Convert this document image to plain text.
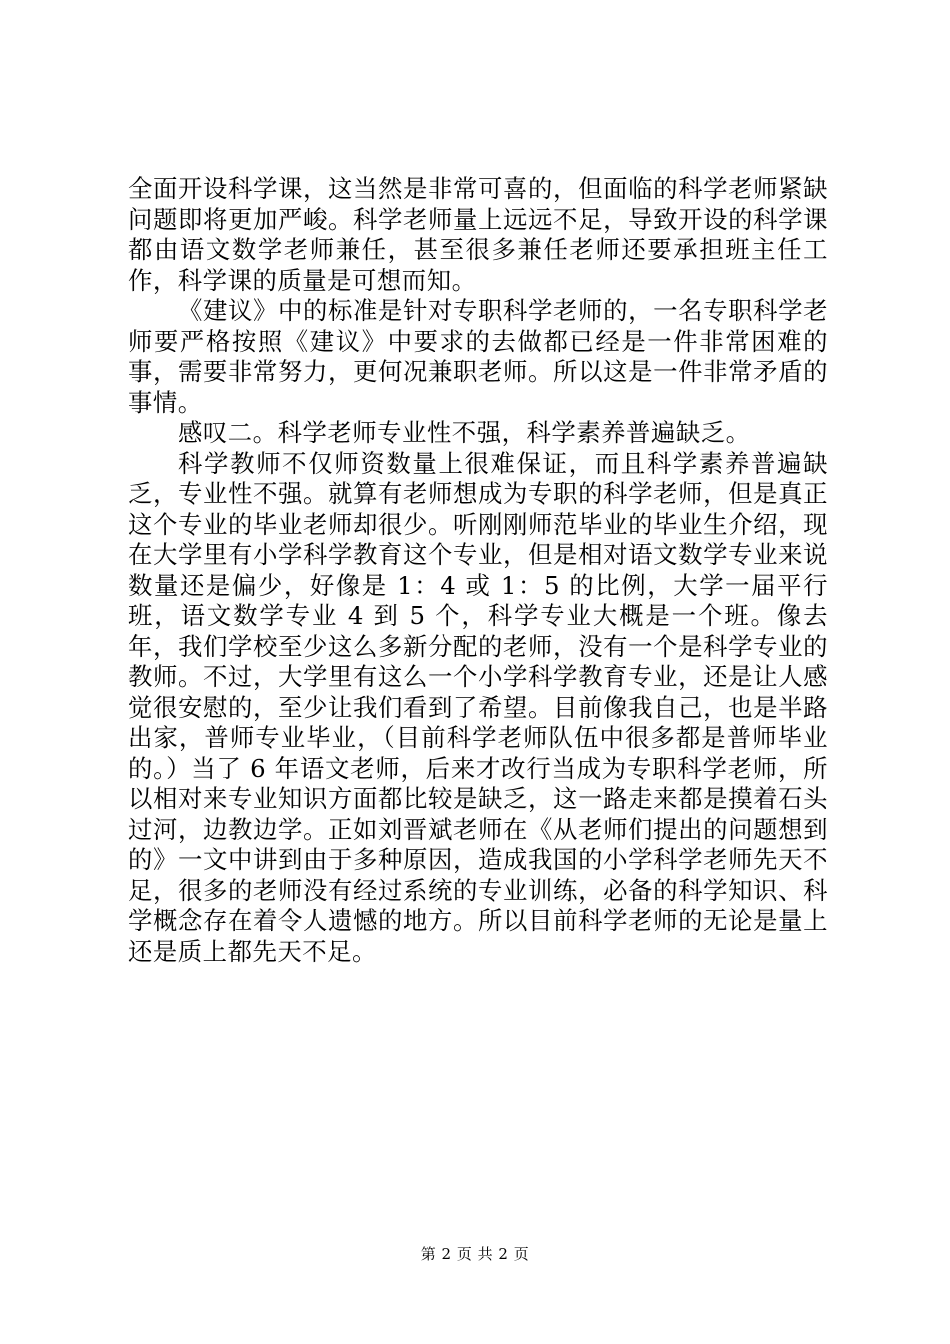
全面开设科学课，这当然是非常可喜的，但面临的科学老师紧缺问题即将更加严峻。科学老师量上远远不足，导致开设的科学课都由语文数学老师兼任，甚至很多兼任老师还要承担班主任工作，科学课的质量是可想而知。

《建议》中的标准是针对专职科学老师的，一名专职科学老师要严格按照《建议》中要求的去做都已经是一件非常困难的事，需要非常努力，更何况兼职老师。所以这是一件非常矛盾的事情。

感叹二。科学老师专业性不强，科学素养普遍缺乏。

科学教师不仅师资数量上很难保证，而且科学素养普遍缺乏，专业性不强。就算有老师想成为专职的科学老师，但是真正这个专业的毕业老师却很少。听刚刚师范毕业的毕业生介绍，现在大学里有小学科学教育这个专业，但是相对语文数学专业来说数量还是偏少，好像是 1：4 或 1：5 的比例，大学一届平行班，语文数学专业 4 到 5 个，科学专业大概是一个班。像去年，我们学校至少这么多新分配的老师，没有一个是科学专业的教师。不过，大学里有这么一个小学科学教育专业，还是让人感觉很安慰的，至少让我们看到了希望。目前像我自己，也是半路出家，普师专业毕业，（目前科学老师队伍中很多都是普师毕业的。）当了 6 年语文老师，后来才改行当成为专职科学老师，所以相对来专业知识方面都比较是缺乏，这一路走来都是摸着石头过河，边教边学。正如刘晋斌老师在《从老师们提出的问题想到的》一文中讲到由于多种原因，造成我国的小学科学老师先天不足，很多的老师没有经过系统的专业训练，必备的科学知识、科学概念存在着令人遗憾的地方。所以目前科学老师的无论是量上还是质上都先天不足。

第 2 页 共 2 页
